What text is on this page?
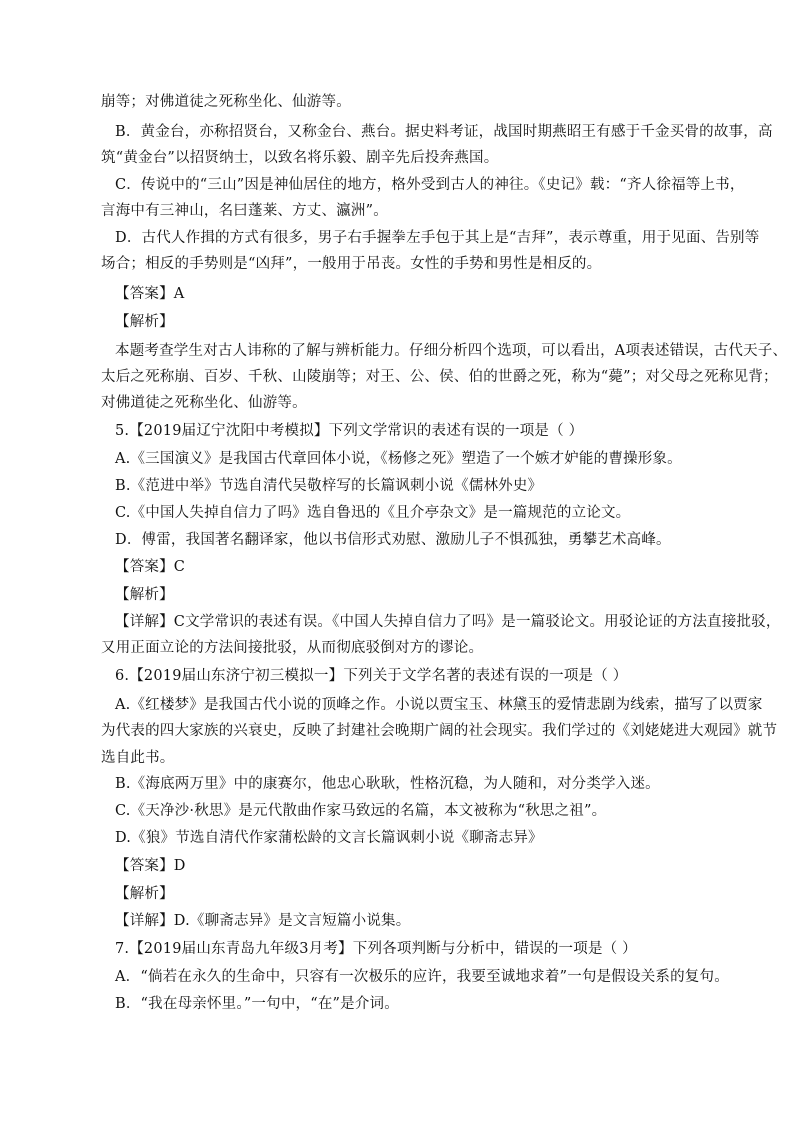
崩等；对佛道徒之死称坐化、仙游等。
B．黄金台，亦称招贤台，又称金台、燕台。据史料考证，战国时期燕昭王有感于千金买骨的故事，高
筑“黄金台”以招贤纳士，以致名将乐毅、剧辛先后投奔燕国。
C．传说中的“三山”因是神仙居住的地方，格外受到古人的神往。《史记》载：“齐人徐福等上书，
言海中有三神山，名曰蓬莱、方丈、瀛洲”。
D．古代人作揖的方式有很多，男子右手握拳左手包于其上是“吉拜”，表示尊重，用于见面、告别等
场合；相反的手势则是“凶拜”，一般用于吊丧。女性的手势和男性是相反的。
【答案】A
【解析】
本题考查学生对古人讳称的了解与辨析能力。仔细分析四个选项，可以看出，A项表述错误，古代天子、
太后之死称崩、百岁、千秋、山陵崩等；对王、公、侯、伯的世爵之死，称为“薨”；对父母之死称见背；
对佛道徒之死称坐化、仙游等。
5.【2019届辽宁沈阳中考模拟】下列文学常识的表述有误的一项是（ ）
A.《三国演义》是我国古代章回体小说，《杨修之死》塑造了一个嫉才妒能的曹操形象。
B.《范进中举》节选自清代吴敬梓写的长篇讽刺小说《儒林外史》
C.《中国人失掉自信力了吗》选自鲁迅的《且介亭杂文》是一篇规范的立论文。
D．傅雷，我国著名翻译家，他以书信形式劝慰、激励儿子不惧孤独，勇攀艺术高峰。
【答案】C
【解析】
【详解】C文学常识的表述有误。《中国人失掉自信力了吗》是一篇驳论文。用驳论证的方法直接批驳，
又用正面立论的方法间接批驳，从而彻底驳倒对方的谬论。
6.【2019届山东济宁初三模拟一】下列关于文学名著的表述有误的一项是（ ）
A.《红楼梦》是我国古代小说的顶峰之作。小说以贾宝玉、林黛玉的爱情悲剧为线索，描写了以贾家
为代表的四大家族的兴衰史，反映了封建社会晚期广阔的社会现实。我们学过的《刘姥姥进大观园》就节
选自此书。
B.《海底两万里》中的康赛尔，他忠心耿耿，性格沉稳，为人随和，对分类学入迷。
C.《天净沙·秋思》是元代散曲作家马致远的名篇，本文被称为“秋思之祖”。
D.《狼》节选自清代作家蒲松龄的文言长篇讽刺小说《聊斋志异》
【答案】D
【解析】
【详解】D.《聊斋志异》是文言短篇小说集。
7.【2019届山东青岛九年级3月考】下列各项判断与分析中，错误的一项是（ ）
A．“倘若在永久的生命中，只容有一次极乐的应许，我要至诚地求着”一句是假设关系的复句。
B．“我在母亲怀里。”一句中，“在”是介词。
